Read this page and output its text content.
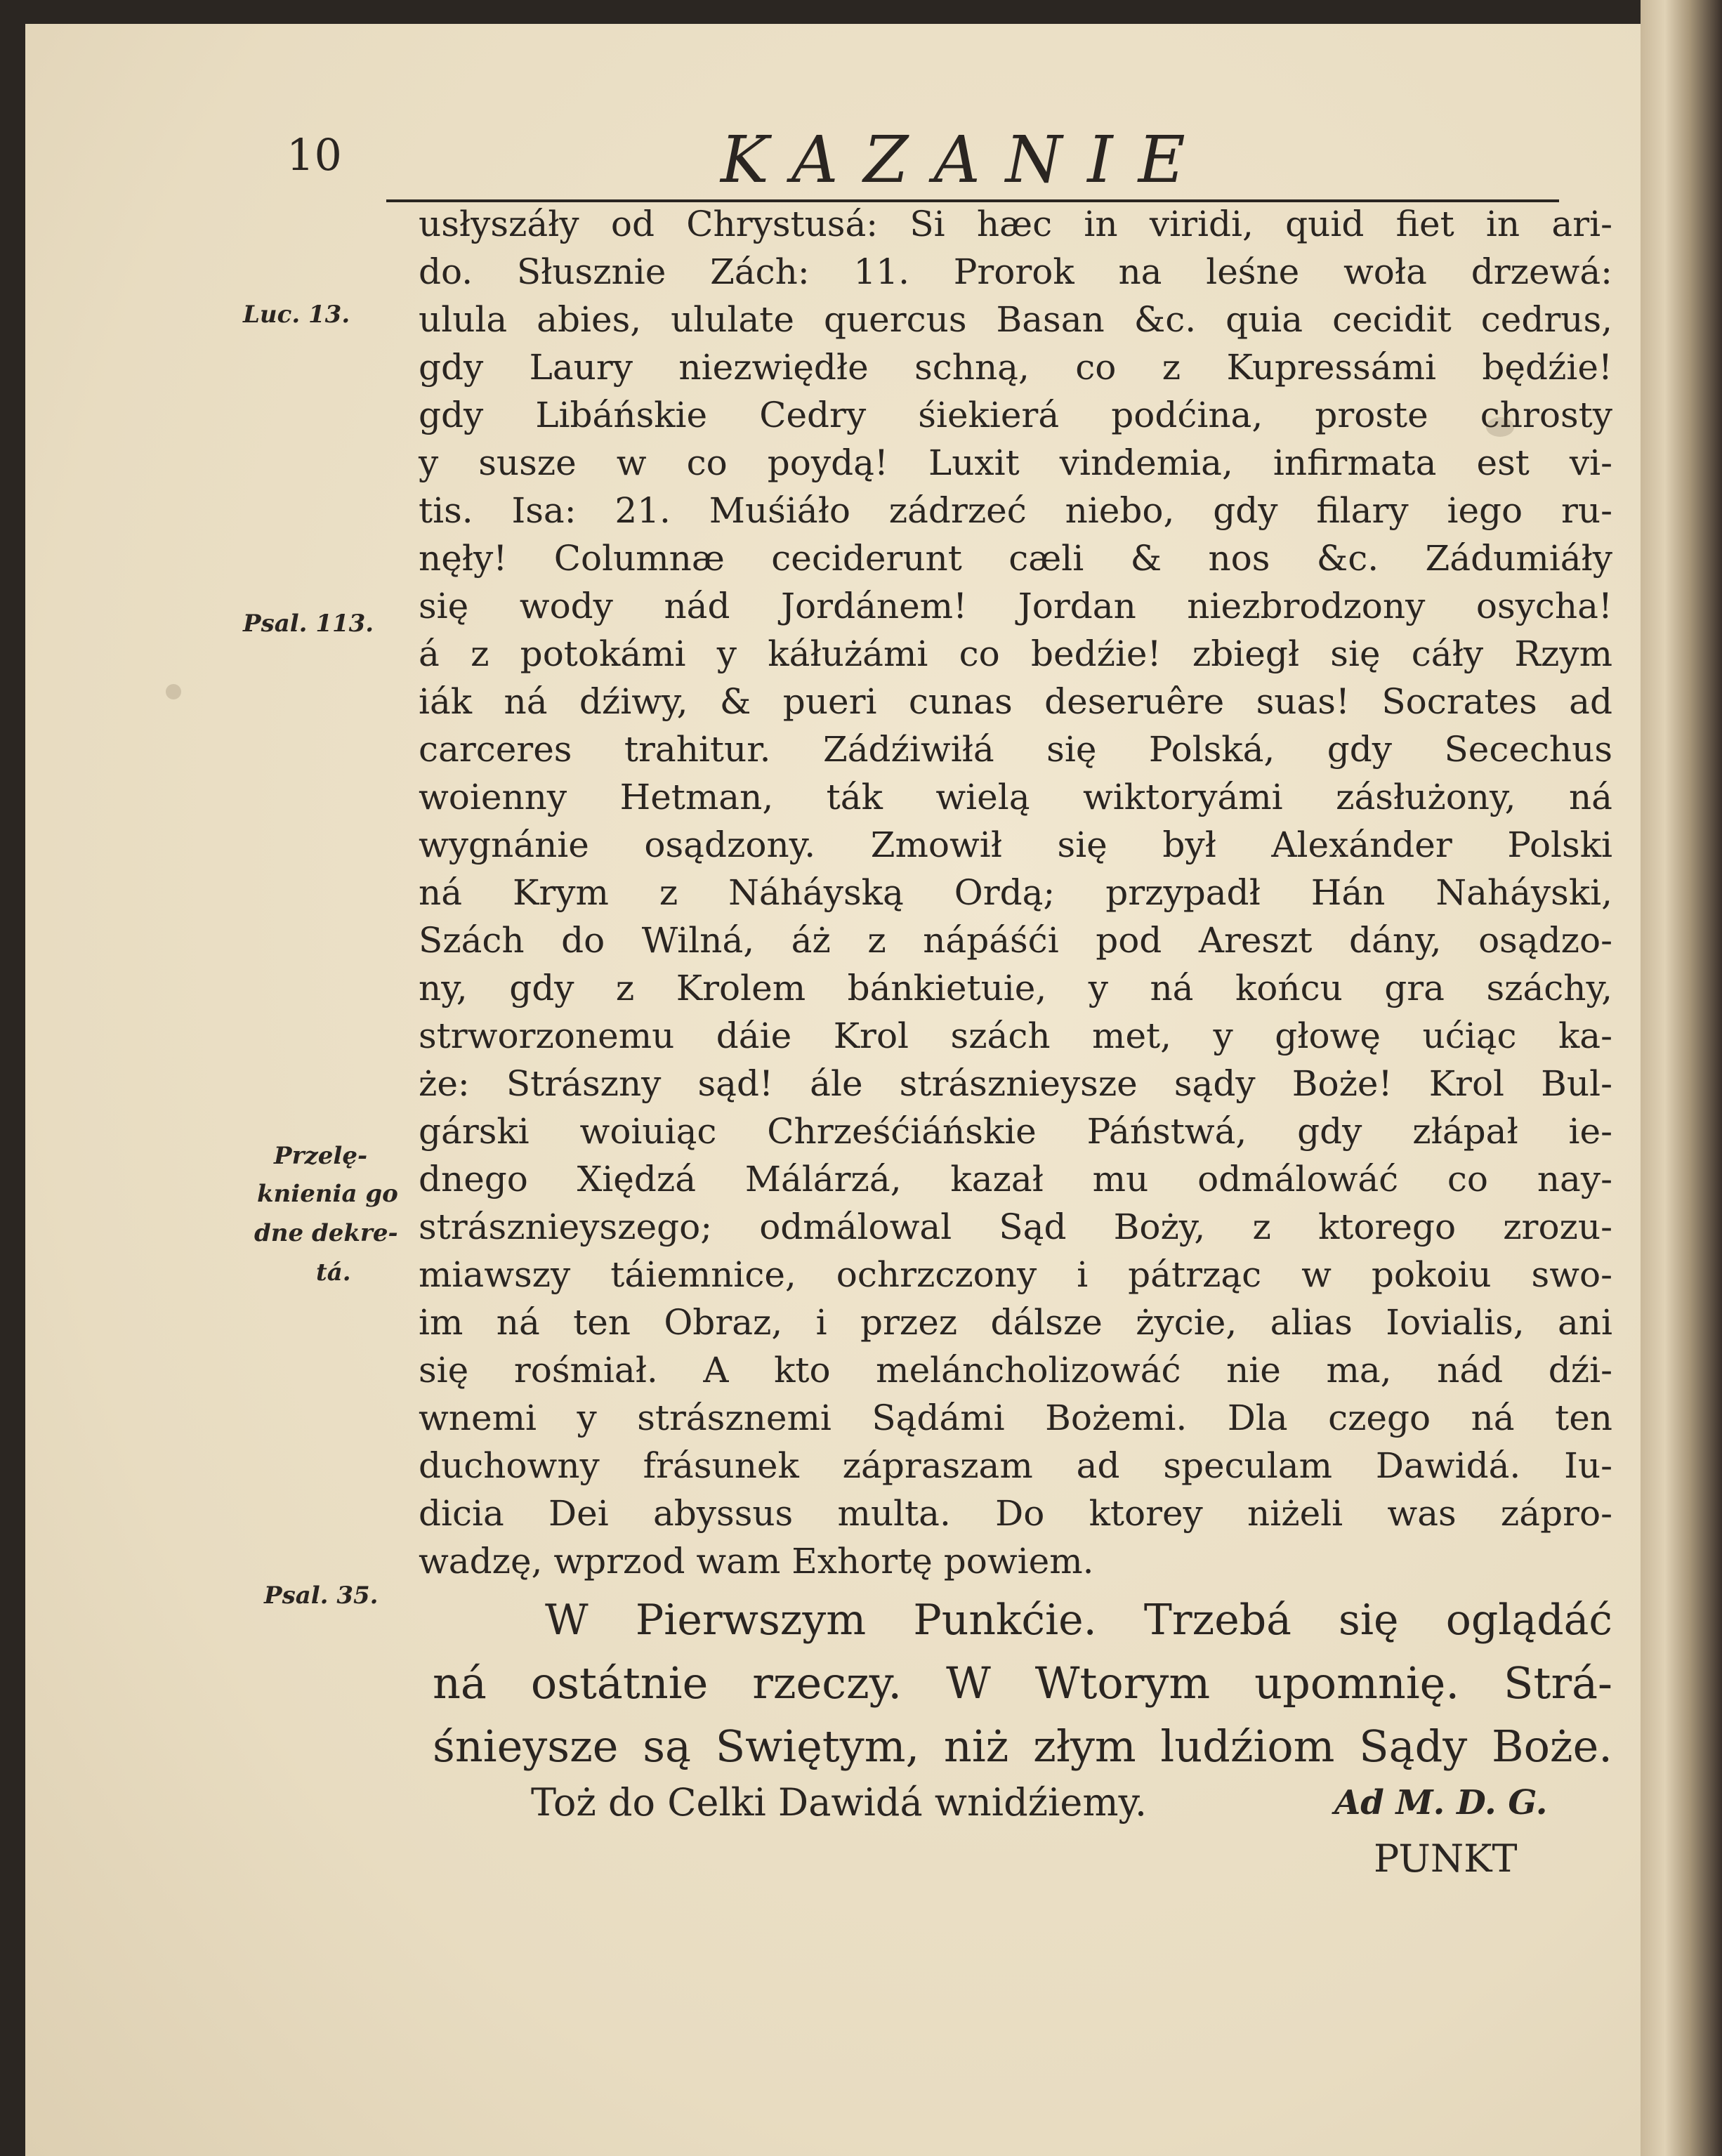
10	KAZANIE
Luc. 13.
Psal. 113.
Przelę-
knienia go
dne dekre-
tá.
Psal. 35.
usłyszáły od Chrystusá: Si hæc in viridi, quid fiet in ari-
do. Słusznie Zách: 11. Prorok na leśne woła drzewá:
ulula abies, ululate quercus Basan &c. quia cecidit cedrus,
gdy Laury niezwiędłe schną, co z Kupressámi będźie!
gdy Libáńskie Cedry śiekierá podćina, proste chrosty
y susze w co poydą! Luxit vindemia, infirmata est vi-
tis. Isa: 21. Muśiáło zádrzeć niebo, gdy filary iego ru-
nęły! Columnæ ceciderunt cæli & nos &c. Zádumiáły
się wody nád Jordánem! Jordan niezbrodzony osycha!
á z potokámi y káłużámi co bedźie! zbiegł się cáły Rzym
iák ná dźiwy, & pueri cunas deseruêre suas! Socrates ad
carceres trahitur. Zádźiwiłá się Polská, gdy Secechus
woienny Hetman, ták wielą wiktoryámi zásłużony, ná
wygnánie osądzony. Zmowił się był Alexánder Polski
ná Krym z Náháyską Ordą; przypadł Hán Naháyski,
Szách do Wilná, áż z nápáśći pod Areszt dány, osądzo-
ny, gdy z Krolem bánkietuie, y ná końcu gra száchy,
strworzonemu dáie Krol szách met, y głowę ućiąc ka-
że: Strászny sąd! ále strásznieysze sądy Boże! Krol Bul-
gárski woiuiąc Chrześćiáńskie Páństwá, gdy złápał ie-
dnego Xiędzá Málárzá, kazał mu odmálowáć co nay-
strásznieyszego; odmálowal Sąd Boży, z ktorego zrozu-
miawszy táiemnice, ochrzczony i pátrząc w pokoiu swo-
im ná ten Obraz, i przez dálsze życie, alias Iovialis, ani
się rośmiał. A kto meláncholizowáć nie ma, nád dźi-
wnemi y strásznemi Sądámi Bożemi. Dla czego ná ten
duchowny frásunek zápraszam ad speculam Dawidá. Iu-
dicia Dei abyssus multa. Do ktorey niżeli was zápro-
wadzę, wprzod wam Exhortę powiem.
W Pierwszym Punkćie. Trzebá się oglądáć
ná ostátnie rzeczy. W Wtorym upomnię. Strá-
śnieysze są Swiętym, niż złym ludźiom Sądy Boże.
Toż do Celki Dawidá wnidźiemy.	Ad M. D. G.
PUNKT
